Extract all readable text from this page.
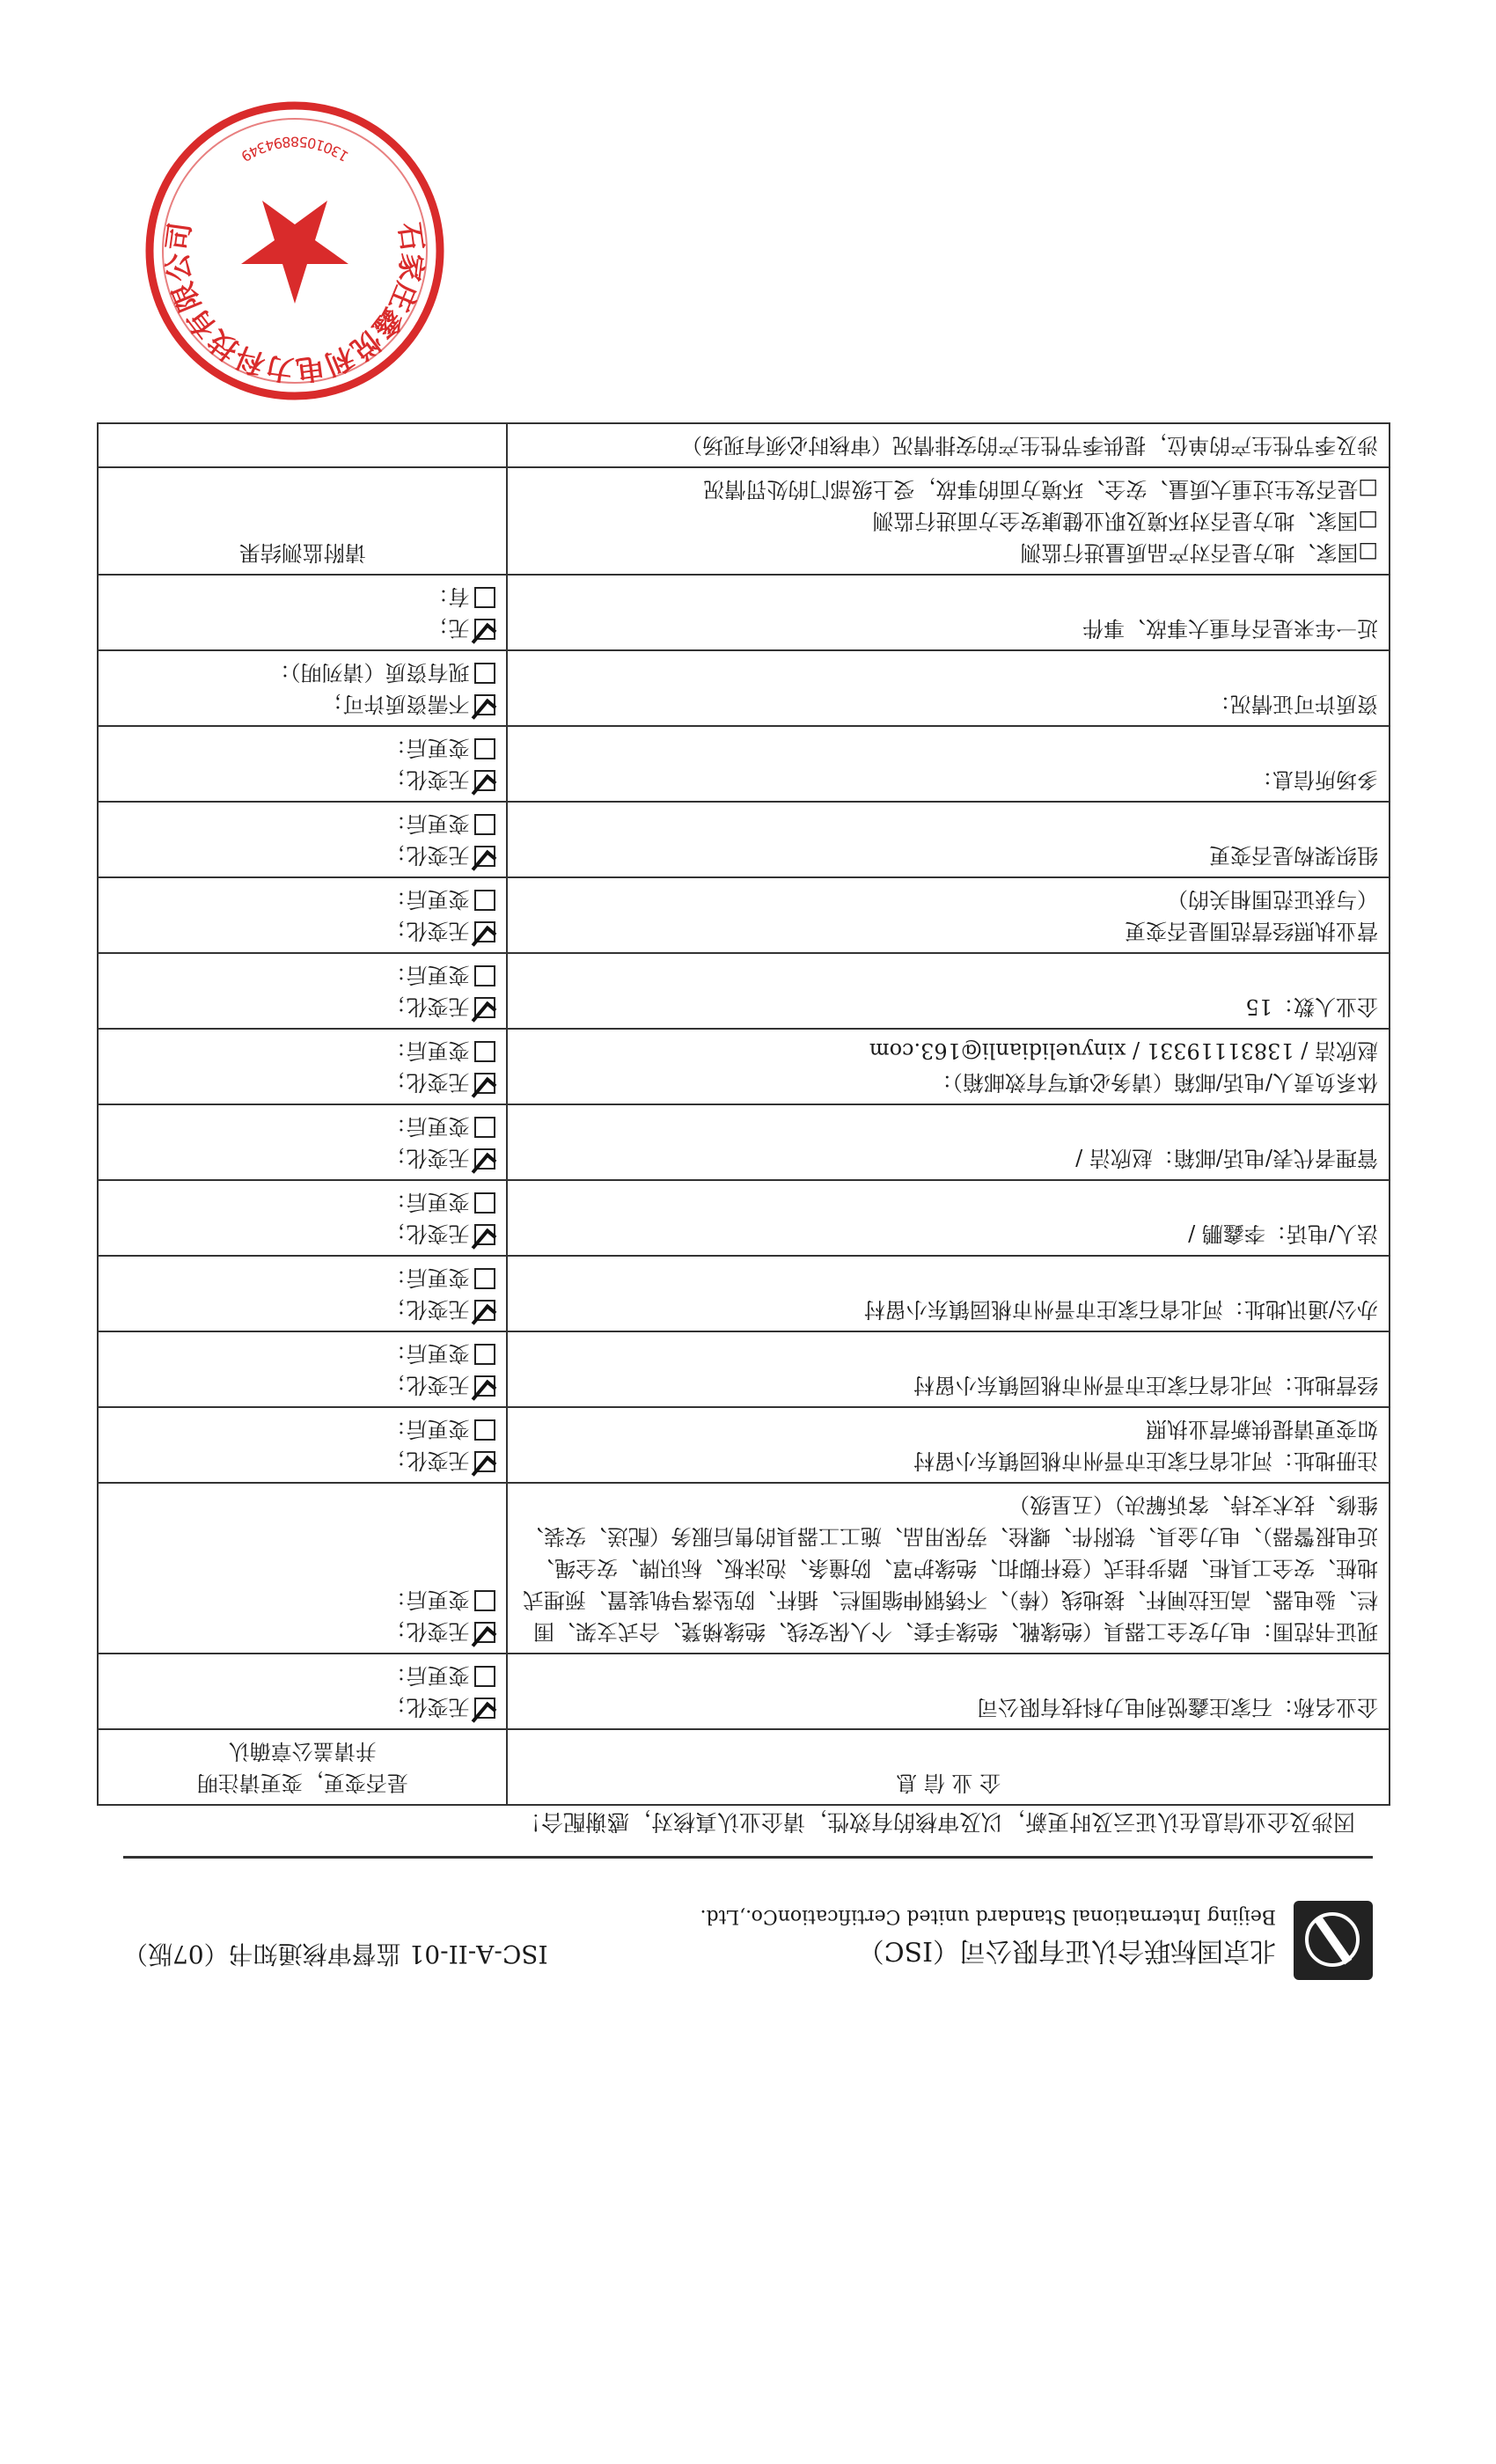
北京国标联合认证有限公司（ISC）
Beijing International Standard united CertificationCo.,Ltd.
ISC-A-II-01 监督审核通知书（07版）
因涉及企业信息在认证云及时更新，以及审核的有效性，请企业认真核对，感谢配合！
企 业 信 息	是否变更，变更请注明
并请盖公章确认
企业名称：石家庄鑫悦利电力科技有限公司	无变化；
变更后：

现证书范围：电力安全工器具（绝缘靴、绝缘手套、个人保安线、绝缘梯凳、合式支架、围栏、验电器、高压拉闸杆、接地线（棒）、不锈钢伸缩围栏、插杆、防坠落导轨装置、预埋式地桩、安全工具柜、踏步挂式（登杆脚扣、绝缘护罩、防撞条、泡沫板、标识牌、安全绳、近电报警器）、电力金具、铁附件、螺栓、劳保用品、施工工器具的售后服务（配送、安装、维修、技术支持、客诉解决）（五星级）	无变化；
变更后：

注册地址：河北省石家庄市晋州市桃园镇东小留村
如变更请提供新营业执照	无变化；
变更后：

经营地址：河北省石家庄市晋州市桃园镇东小留村	无变化；
变更后：

办公/通讯地址：河北省石家庄市晋州市桃园镇东小留村	无变化；
变更后：

法人/电话：李鑫鹏 /	无变化；
变更后：

管理者代表/电话/邮箱：赵欣洁 /	无变化；
变更后：

体系负责人/电话/邮箱（请务必填写有效邮箱）：
赵欣洁 / 13831119331 / xinyuelidianli@163.com	无变化；
变更后：

企业人数：15	无变化；
变更后：

营业执照经营范围是否变更
（与获证范围相关的）	无变化；
变更后：

组织架构是否变更	无变化；
变更后：

多场所信息：	无变化；
变更后：

资质许可证情况：	不需资质许可；
现有资质（请列明）：

近一年来是否有重大事故、事件	无；
有：

□国家、地方是否对产品质量进行监测
□国家、地方是否对环境及职业健康安全方面进行监测
□是否发生过重大质量、安全、环境方面的事故，受上级部门的处罚情况	请附监测结果
涉及季节性生产的单位，提供季节性生产的安排情况（审核时必须有现场）	
石家庄鑫悦利电力科技有限公司
1301058894349
